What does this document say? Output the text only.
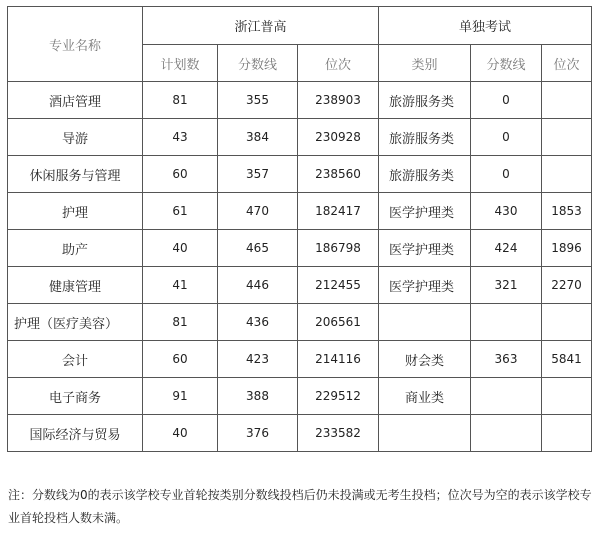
专业名称	浙江普高			单独考试		
	计划数	分数线	位次	类别	分数线	位次
酒店管理	81	355	238903	旅游服务类	0	
导游	43	384	230928	旅游服务类	0	
休闲服务与管理	60	357	238560	旅游服务类	0	
护理	61	470	182417	医学护理类	430	1853
助产	40	465	186798	医学护理类	424	1896
健康管理	41	446	212455	医学护理类	321	2270
护理（医疗美容）	81	436	206561			
会计	60	423	214116	财会类	363	5841
电子商务	91	388	229512	商业类		
国际经济与贸易	40	376	233582			
注：分数线为0的表示该学校专业首轮按类别分数线投档后仍未投满或无考生投档；位次号为空的表示该学校专业首轮投档人数未满。
